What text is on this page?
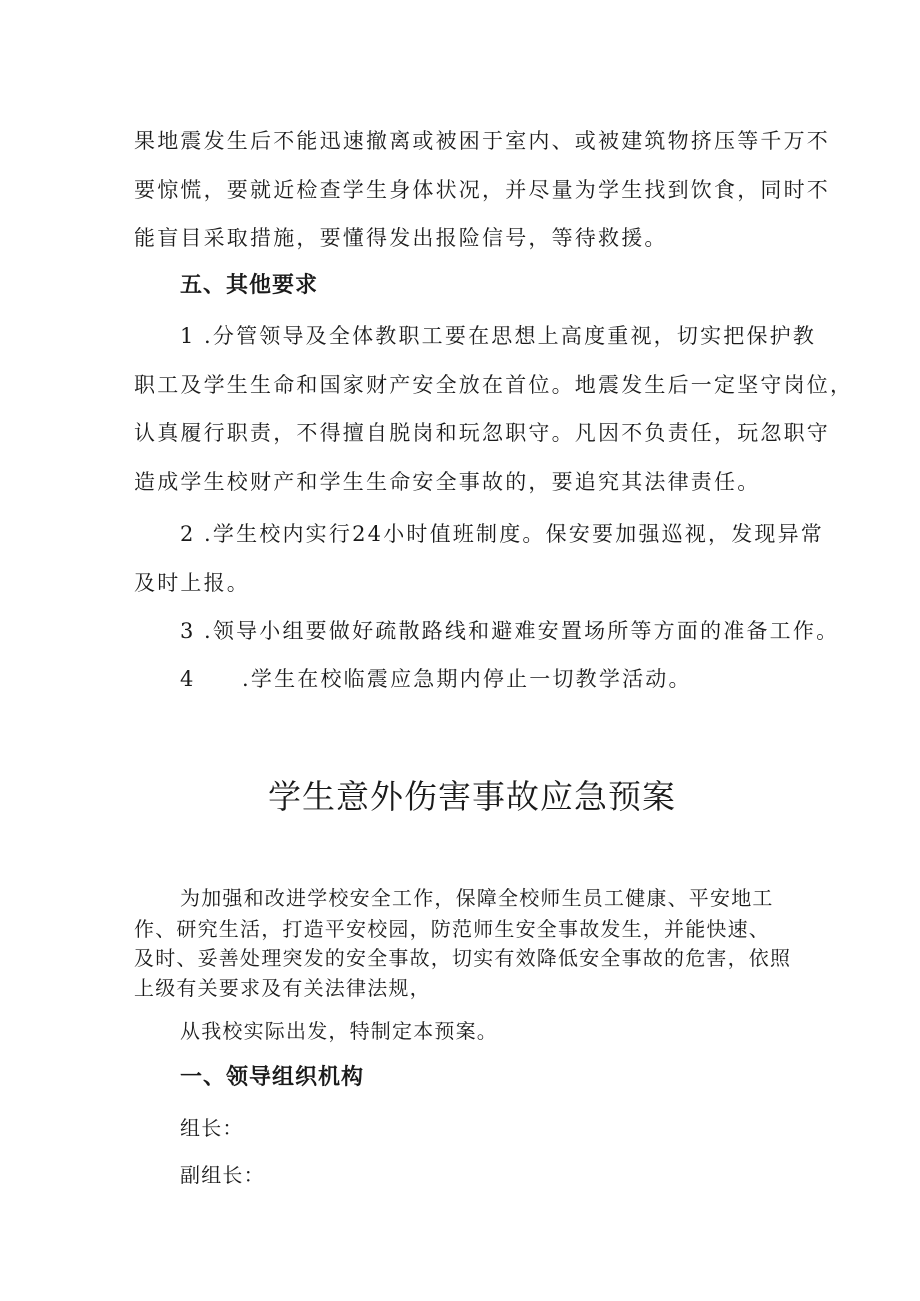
果地震发生后不能迅速撤离或被困于室内、或被建筑物挤压等千万不
要惊慌，要就近检查学生身体状况，并尽量为学生找到饮食，同时不
能盲目采取措施，要懂得发出报险信号，等待救援。
五、其他要求
1 .分管领导及全体教职工要在思想上高度重视，切实把保护教
职工及学生生命和国家财产安全放在首位。地震发生后一定坚守岗位，
认真履行职责，不得擅自脱岗和玩忽职守。凡因不负责任，玩忽职守
造成学生校财产和学生生命安全事故的，要追究其法律责任。
2 .学生校内实行24小时值班制度。保安要加强巡视，发现异常
及时上报。
3 .领导小组要做好疏散路线和避难安置场所等方面的准备工作。
4 .学生在校临震应急期内停止一切教学活动。
学生意外伤害事故应急预案
为加强和改进学校安全工作，保障全校师生员工健康、平安地工
作、研究生活，打造平安校园，防范师生安全事故发生，并能快速、
及时、妥善处理突发的安全事故，切实有效降低安全事故的危害，依照
上级有关要求及有关法律法规，
从我校实际出发，特制定本预案。
一、领导组织机构
组长：
副组长：
